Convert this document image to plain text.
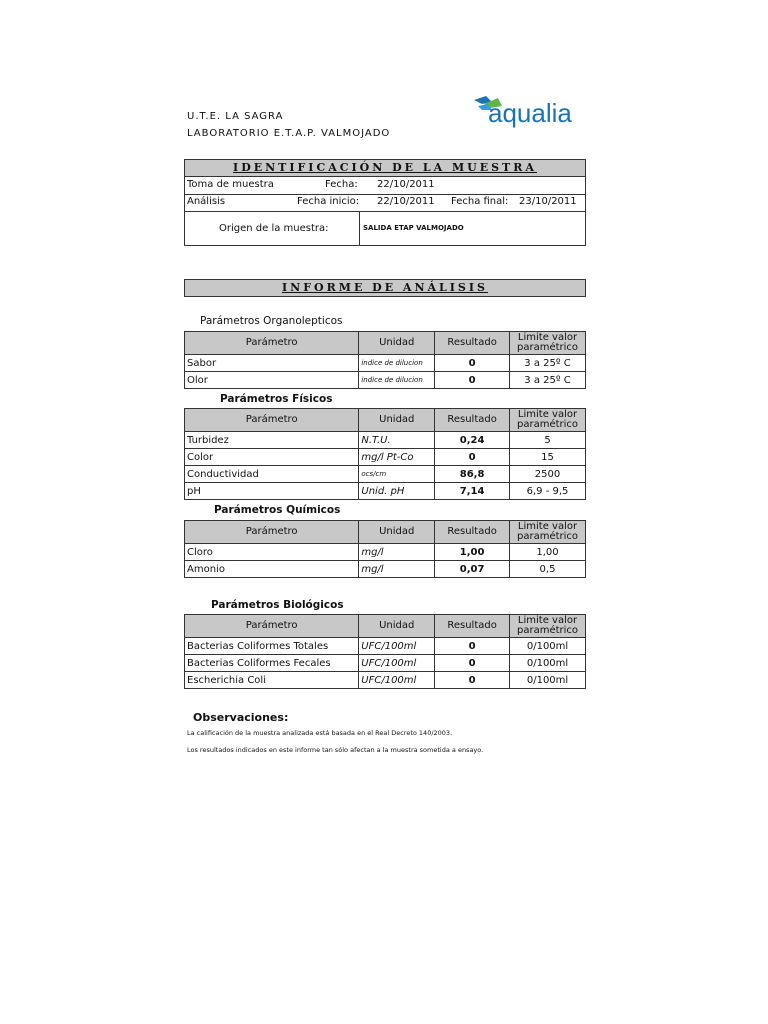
U.T.E. LA SAGRA
LABORATORIO E.T.A.P. VALMOJADO
aqualia
IDENTIFICACIÓN DE LA MUESTRA
Toma de muestra	Fecha: 22/10/2011
Análisis	Fecha inicio: 22/10/2011 Fecha final: 23/10/2011
Origen de la muestra:	SALIDA ETAP VALMOJADO
INFORME DE ANÁLISIS
Parámetros Organolepticos
Parámetro	Unidad	Resultado	Limite valor paramétrico
Sabor	indice de dilucion	0	3 a 25º C
Olor	indice de dilucion	0	3 a 25º C
Parámetros Físicos
Parámetro	Unidad	Resultado	Limite valor paramétrico
Turbidez	N.T.U.	0,24	5
Color	mg/l Pt-Co	0	15
Conductividad	ocs/cm	86,8	2500
pH	Unid. pH	7,14	6,9 - 9,5
Parámetros Químicos
Parámetro	Unidad	Resultado	Limite valor paramétrico
Cloro	mg/l	1,00	1,00
Amonio	mg/l	0,07	0,5
Parámetros Biológicos
Parámetro	Unidad	Resultado	Limite valor paramétrico
Bacterias Coliformes Totales	UFC/100ml	0	0/100ml
Bacterias Coliformes Fecales	UFC/100ml	0	0/100ml
Escherichia Coli	UFC/100ml	0	0/100ml
Observaciones:
La calificación de la muestra analizada está basada en el Real Decreto 140/2003.
Los resultados indicados en este informe tan sólo afectan a la muestra sometida a ensayo.
